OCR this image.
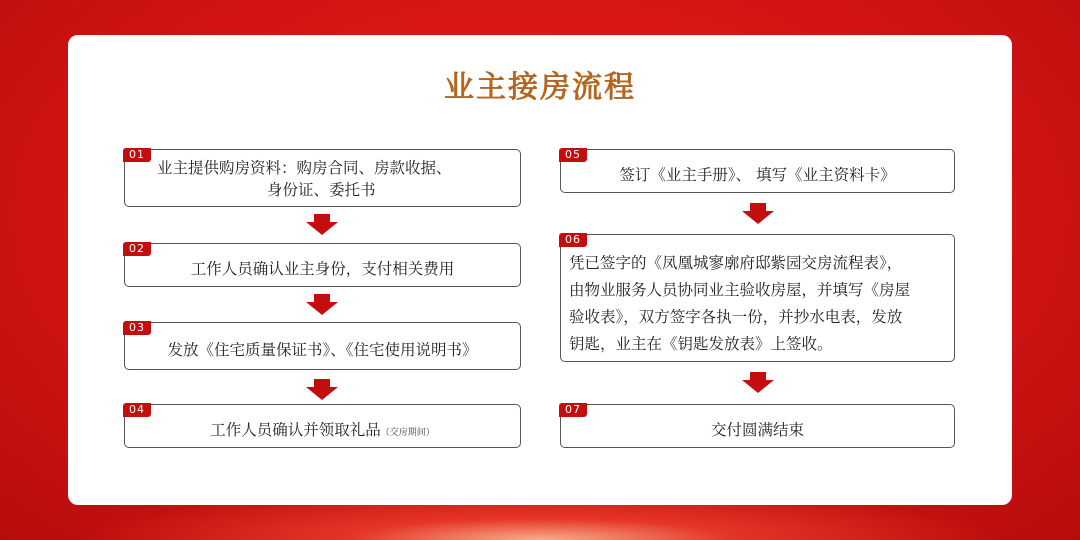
业主接房流程
01
业主提供购房资料：购房合同、房款收据、
身份证、委托书
02
工作人员确认业主身份，支付相关费用
03
发放《住宅质量保证书》、《住宅使用说明书》
04
工作人员确认并领取礼品（交房期间）
05
签订《业主手册》、 填写《业主资料卡》
06
凭已签字的《凤凰城寥廓府邸紫园交房流程表》，
由物业服务人员协同业主验收房屋，并填写《房屋
验收表》，双方签字各执一份，并抄水电表，发放
钥匙，业主在《钥匙发放表》上签收。
07
交付圆满结束
